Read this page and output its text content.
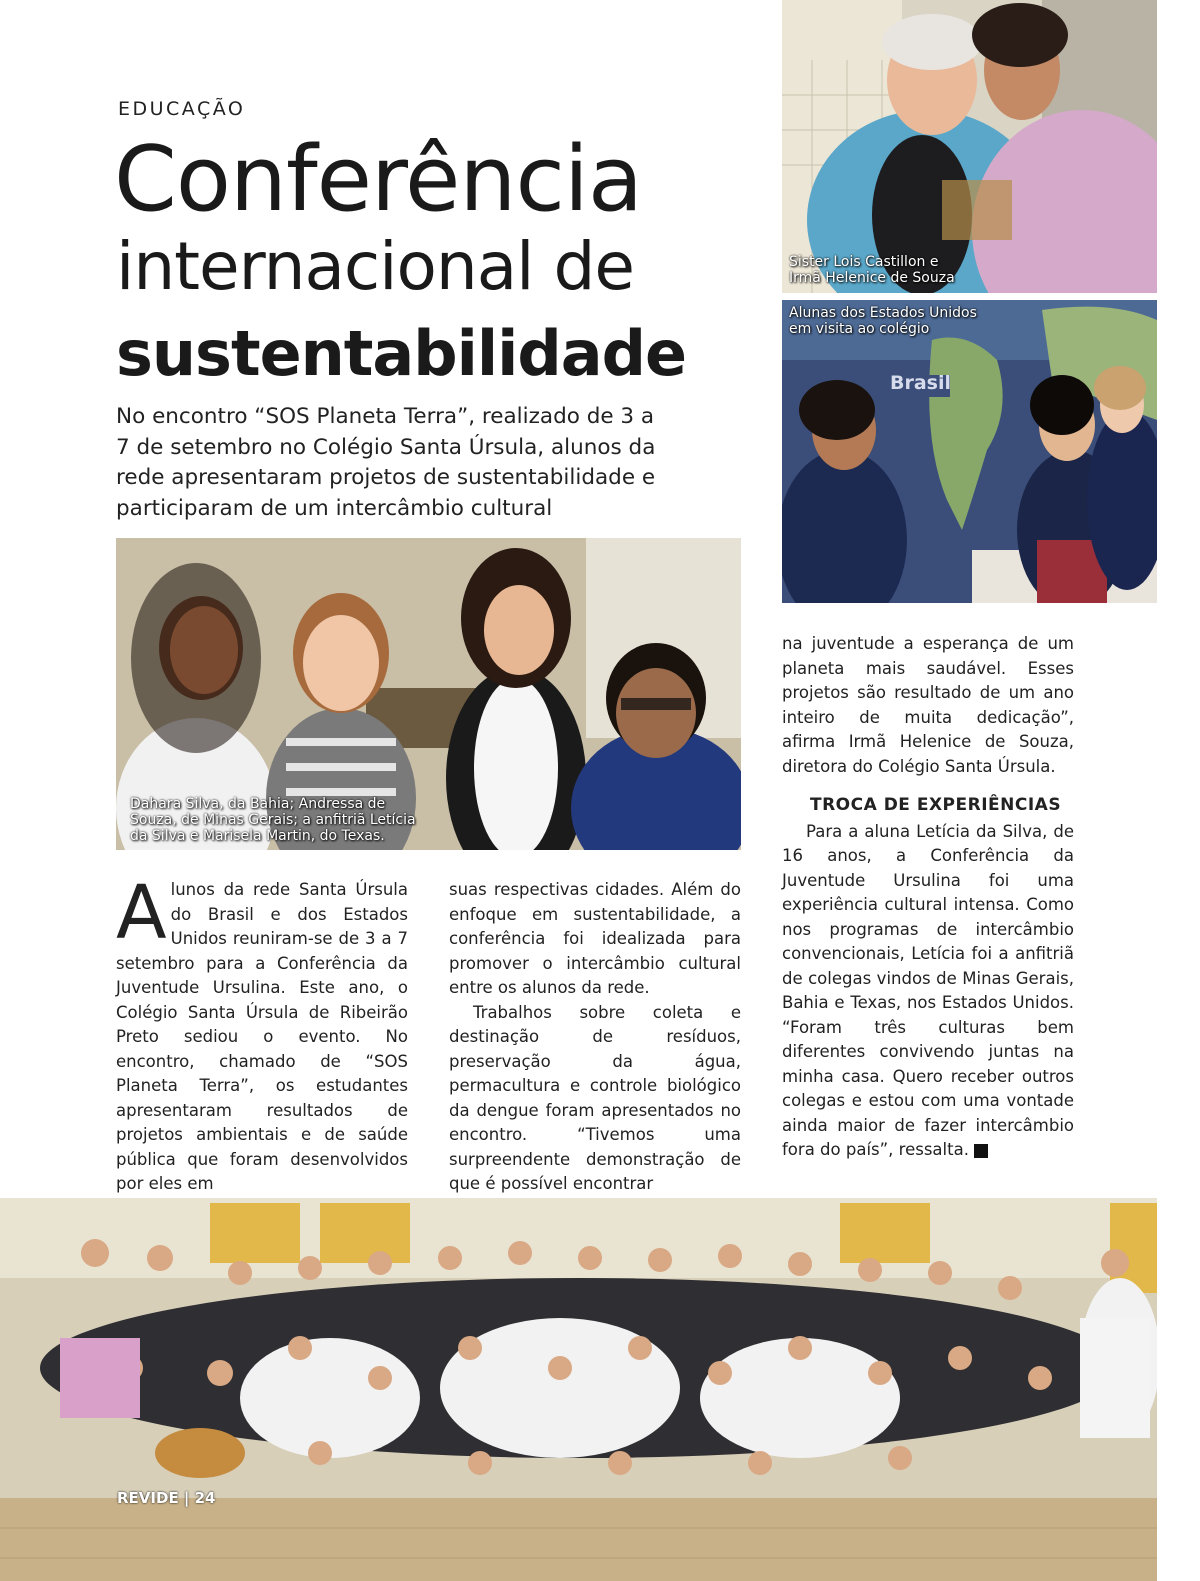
EDUCAÇÃO
Conferência
internacional de
sustentabilidade
No encontro “SOS Planeta Terra”, realizado de 3 a 7 de setembro no Colégio Santa Úrsula, alunos da rede apresentaram projetos de sustentabilidade e participaram de um intercâmbio cultural
Sister Lois Castillon e Irmã Helenice de Souza
Brasil
Alunas dos Estados Unidos em visita ao colégio
Dahara Silva, da Bahia; Andressa de Souza, de Minas Gerais; a anfitriã Letícia da Silva e Marisela Martin, do Texas.

Alunos da rede Santa Úrsula do Brasil e dos Estados Unidos reuniram-se de 3 a 7 setembro para a Conferência da Juventude Ursulina. Este ano, o Colégio Santa Úrsula de Ribeirão Preto sediou o evento. No encontro, chamado de “SOS Planeta Terra”, os estudantes apresentaram resultados de projetos ambientais e de saúde pública que foram desenvolvidos por eles em

suas respectivas cidades. Além do enfoque em sustentabilidade, a conferência foi idealizada para promover o intercâmbio cultural entre os alunos da rede.

Trabalhos sobre coleta e destinação de resíduos, preservação da água, permacultura e controle biológico da dengue foram apresentados no encontro. “Tivemos uma surpreendente demonstração de que é possível encontrar

na juventude a esperança de um planeta mais saudável. Esses projetos são resultado de um ano inteiro de muita dedicação”, afirma Irmã Helenice de Souza, diretora do Colégio Santa Úrsula.

TROCA DE EXPERIÊNCIAS

Para a aluna Letícia da Silva, de 16 anos, a Conferência da Juventude Ursulina foi uma experiência cultural intensa. Como nos programas de intercâmbio convencionais, Letícia foi a anfitriã de colegas vindos de Minas Gerais, Bahia e Texas, nos Estados Unidos. “Foram três culturas bem diferentes convivendo juntas na minha casa. Quero receber outros colegas e estou com uma vontade ainda maior de fazer intercâmbio fora do país”, ressalta. r

REVIDE | 24
